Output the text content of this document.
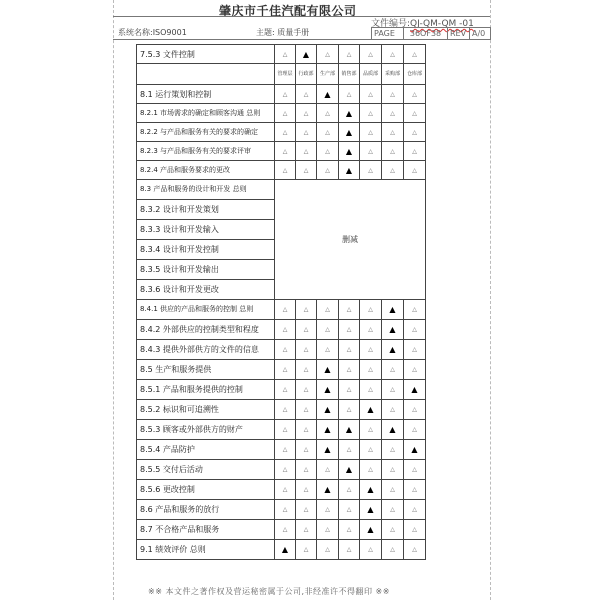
肇庆市千佳汽配有限公司
文件编号:QJ-QM-QM -01
系统名称:ISO9001	主题: 质量手册	PAGE 36OF38 REV A/0
7.5.3 文件控制	△	▲	△	△	△	△	△
	管理层	行政部	生产部	销售部	品质部	采购部	仓库部
8.1 运行策划和控制	△	△	▲	△	△	△	△
8.2.1 市场需求的确定和顾客沟通 总则	△	△	△	▲	△	△	△
8.2.2 与产品和服务有关的要求的确定	△	△	△	▲	△	△	△
8.2.3 与产品和服务有关的要求评审	△	△	△	▲	△	△	△
8.2.4 产品和服务要求的更改	△	△	△	▲	△	△	△
8.3 产品和服务的设计和开发 总则	删减						
8.3.2 设计和开发策划							
8.3.3 设计和开发输入							
8.3.4 设计和开发控制							
8.3.5 设计和开发输出							
8.3.6 设计和开发更改							
8.4.1 供应的产品和服务的控制 总则	△	△	△	△	△	▲	△
8.4.2 外部供应的控制类型和程度	△	△	△	△	△	▲	△
8.4.3 提供外部供方的文件的信息	△	△	△	△	△	▲	△
8.5 生产和服务提供	△	△	▲	△	△	△	△
8.5.1 产品和服务提供的控制	△	△	▲	△	△	△	▲
8.5.2 标识和可追溯性	△	△	▲	△	▲	△	△
8.5.3 顾客或外部供方的财产	△	△	▲	▲	△	▲	△
8.5.4 产品防护	△	△	▲	△	△	△	▲
8.5.5 交付后活动	△	△	△	▲	△	△	△
8.5.6 更改控制	△	△	▲	△	▲	△	△
8.6 产品和服务的放行	△	△	△	△	▲	△	△
8.7 不合格产品和服务	△	△	△	△	▲	△	△
9.1 绩效评价 总则	▲	△	△	△	△	△	△
※※ 本文件之著作权及营运秘密属于公司,非经准许不得翻印 ※※
